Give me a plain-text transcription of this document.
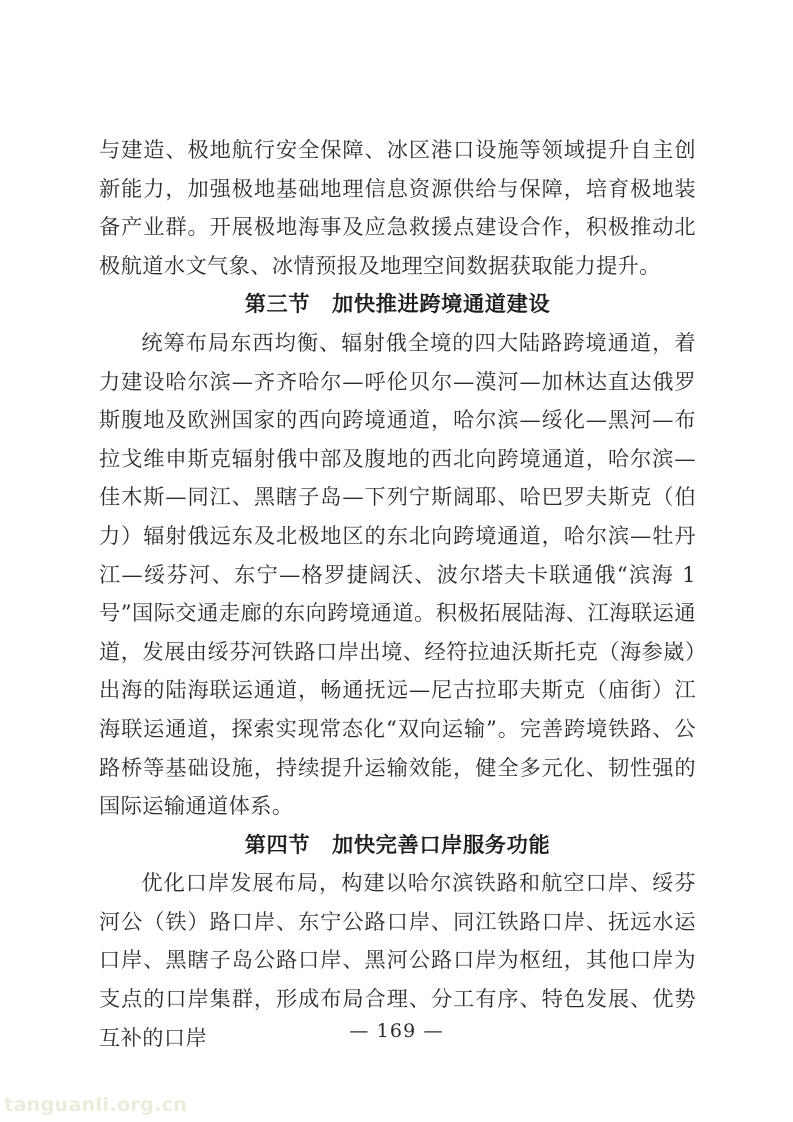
与建造、极地航行安全保障、冰区港口设施等领域提升自主创新能力，加强极地基础地理信息资源供给与保障，培育极地装备产业群。开展极地海事及应急救援点建设合作，积极推动北极航道水文气象、冰情预报及地理空间数据获取能力提升。

第三节　加快推进跨境通道建设

统筹布局东西均衡、辐射俄全境的四大陆路跨境通道，着力建设哈尔滨—齐齐哈尔—呼伦贝尔—漠河—加林达直达俄罗斯腹地及欧洲国家的西向跨境通道，哈尔滨—绥化—黑河—布拉戈维申斯克辐射俄中部及腹地的西北向跨境通道，哈尔滨—佳木斯—同江、黑瞎子岛—下列宁斯阔耶、哈巴罗夫斯克（伯力）辐射俄远东及北极地区的东北向跨境通道，哈尔滨—牡丹江—绥芬河、东宁—格罗捷阔沃、波尔塔夫卡联通俄“滨海 1 号”国际交通走廊的东向跨境通道。积极拓展陆海、江海联运通道，发展由绥芬河铁路口岸出境、经符拉迪沃斯托克（海参崴）出海的陆海联运通道，畅通抚远—尼古拉耶夫斯克（庙街）江海联运通道，探索实现常态化“双向运输”。完善跨境铁路、公路桥等基础设施，持续提升运输效能，健全多元化、韧性强的国际运输通道体系。

第四节　加快完善口岸服务功能

优化口岸发展布局，构建以哈尔滨铁路和航空口岸、绥芬河公（铁）路口岸、东宁公路口岸、同江铁路口岸、抚远水运口岸、黑瞎子岛公路口岸、黑河公路口岸为枢纽，其他口岸为支点的口岸集群，形成布局合理、分工有序、特色发展、优势互补的口岸	— 169 —
tanguanli.org.cn
